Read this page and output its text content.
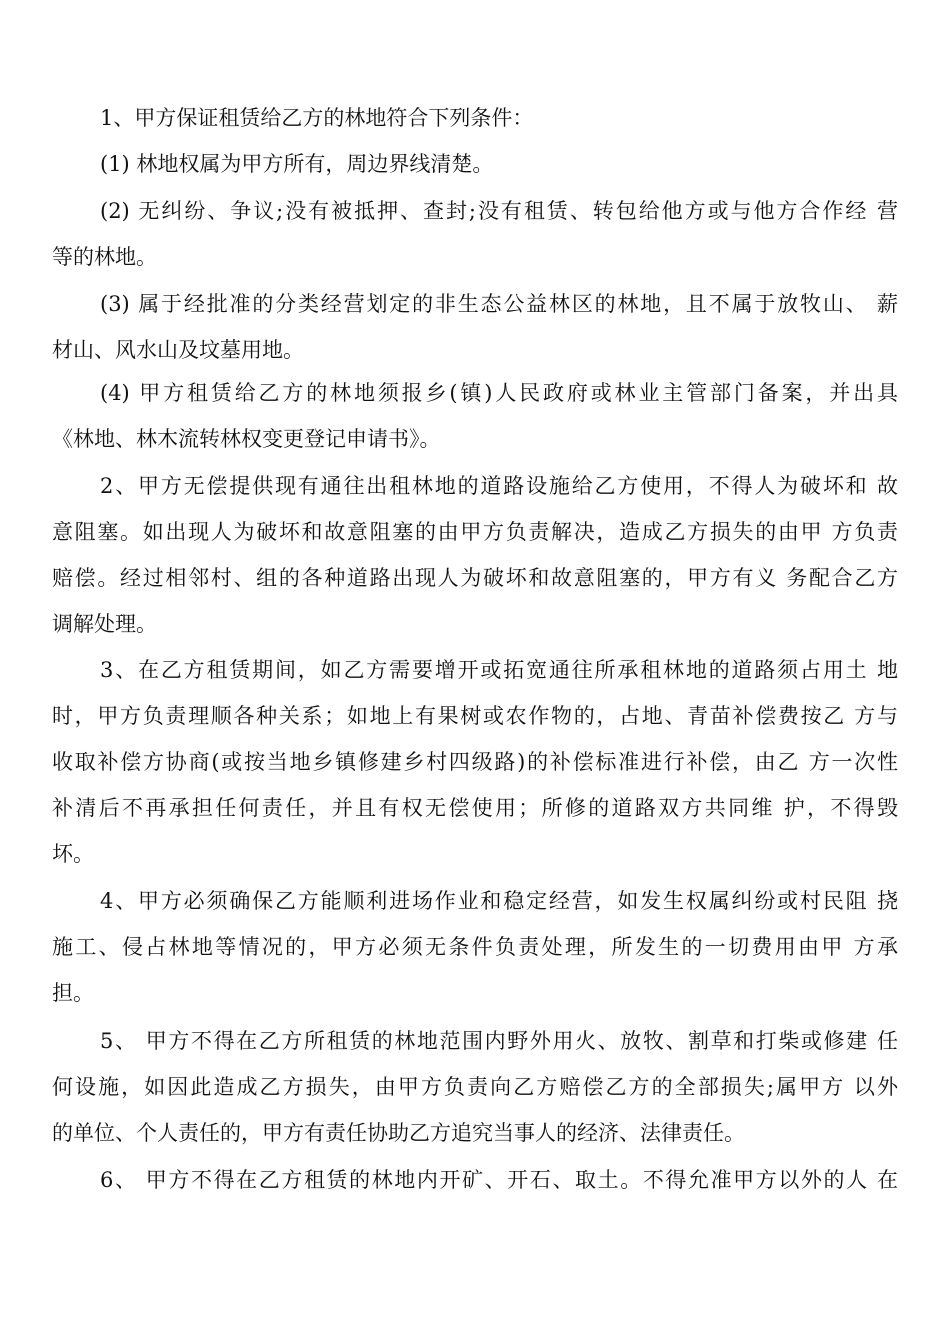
1、甲方保证租赁给乙方的林地符合下列条件：
(1) 林地权属为甲方所有，周边界线清楚。
(2) 无纠纷、争议;没有被抵押、查封;没有租赁、转包给他方或与他方合作经 营
等的林地。
(3) 属于经批准的分类经营划定的非生态公益林区的林地，且不属于放牧山、 薪
材山、风水山及坟墓用地。
(4) 甲方租赁给乙方的林地须报乡(镇)人民政府或林业主管部门备案，并出具
《林地、林木流转林权变更登记申请书》。
2、甲方无偿提供现有通往出租林地的道路设施给乙方使用，不得人为破坏和 故
意阻塞。如出现人为破坏和故意阻塞的由甲方负责解决，造成乙方损失的由甲 方负责
赔偿。经过相邻村、组的各种道路出现人为破坏和故意阻塞的，甲方有义 务配合乙方
调解处理。
3、在乙方租赁期间，如乙方需要增开或拓宽通往所承租林地的道路须占用土 地
时，甲方负责理顺各种关系；如地上有果树或农作物的，占地、青苗补偿费按乙 方与
收取补偿方协商(或按当地乡镇修建乡村四级路)的补偿标准进行补偿，由乙 方一次性
补清后不再承担任何责任，并且有权无偿使用；所修的道路双方共同维 护，不得毁
坏。
4、甲方必须确保乙方能顺利进场作业和稳定经营，如发生权属纠纷或村民阻 挠
施工、侵占林地等情况的，甲方必须无条件负责处理，所发生的一切费用由甲 方承
担。
5、 甲方不得在乙方所租赁的林地范围内野外用火、放牧、割草和打柴或修建 任
何设施，如因此造成乙方损失，由甲方负责向乙方赔偿乙方的全部损失;属甲方 以外
的单位、个人责任的，甲方有责任协助乙方追究当事人的经济、法律责任。
6、 甲方不得在乙方租赁的林地内开矿、开石、取土。不得允准甲方以外的人 在
